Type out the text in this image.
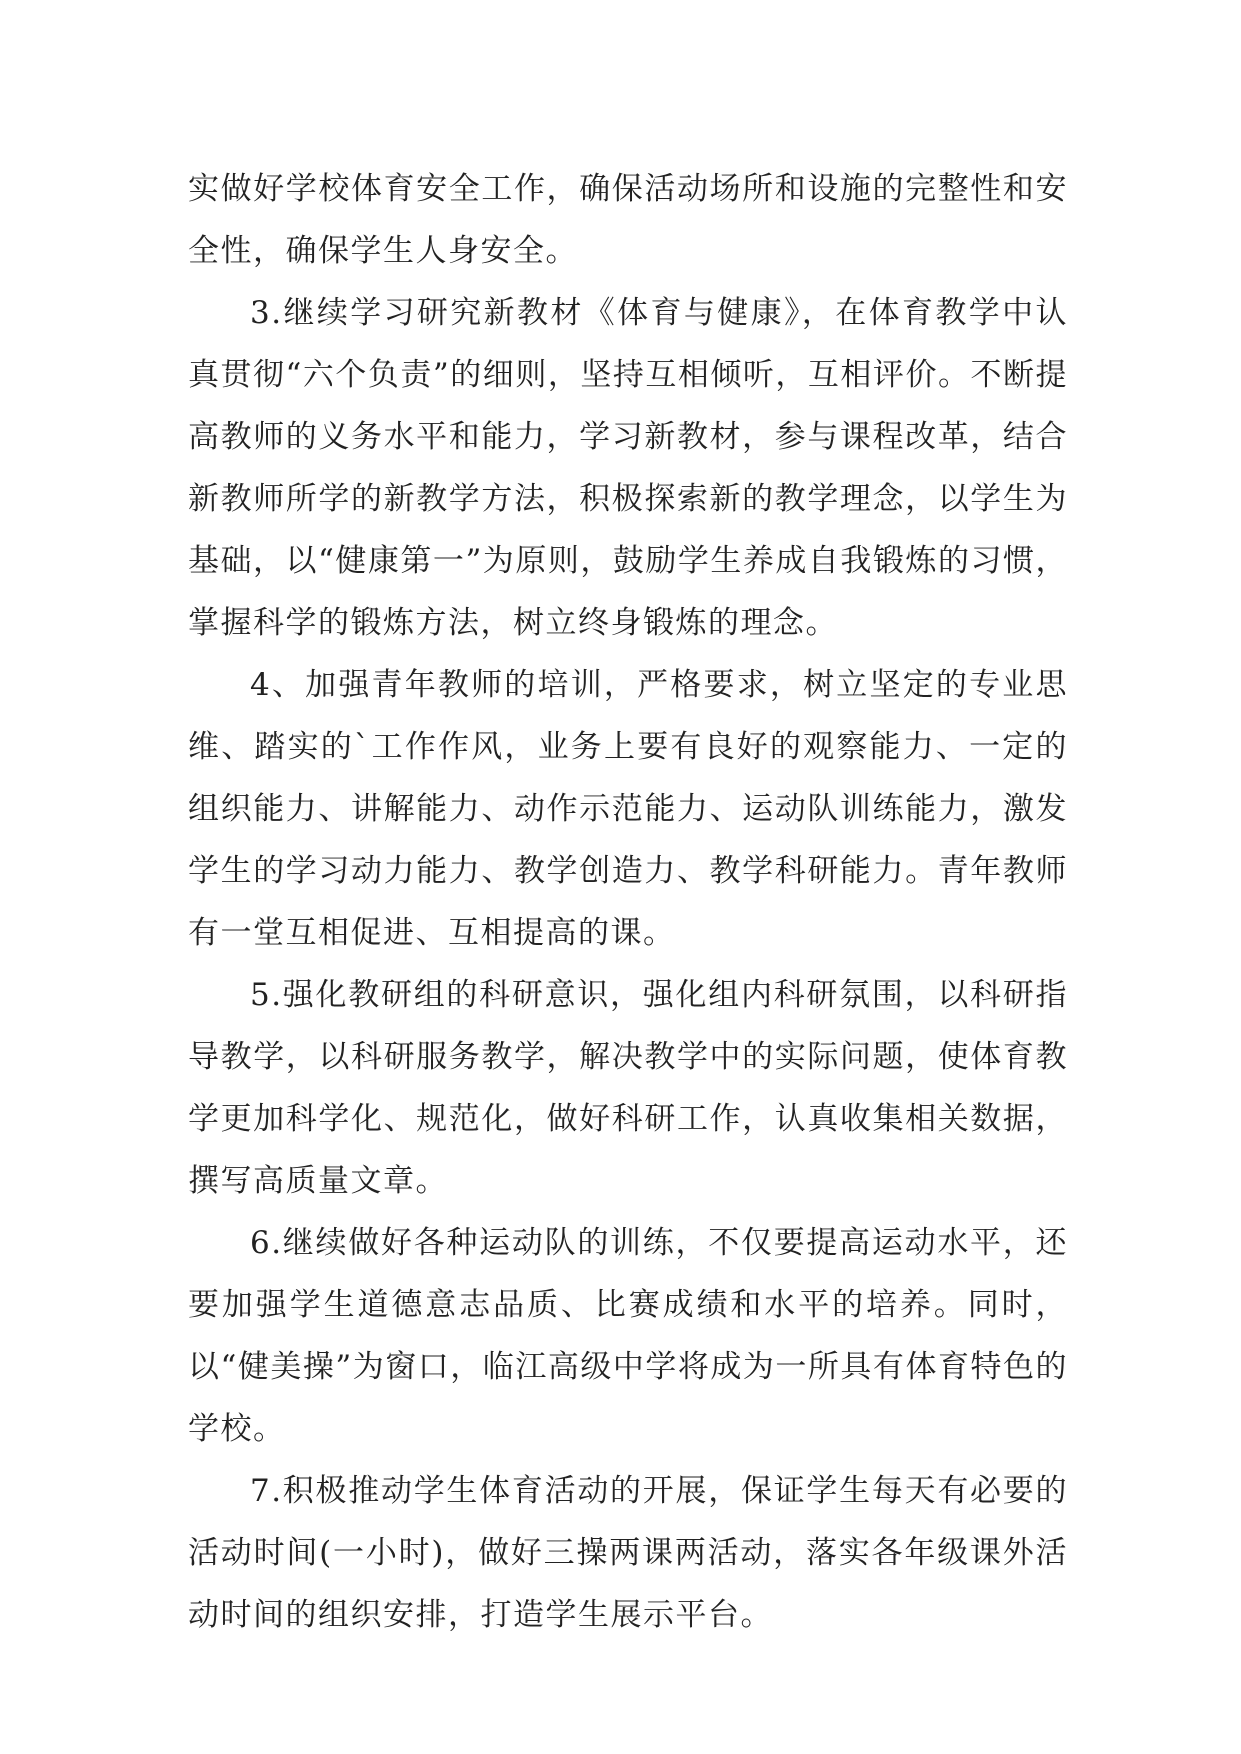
实做好学校体育安全工作，确保活动场所和设施的完整性和安全性，确保学生人身安全。

3.继续学习研究新教材《体育与健康》，在体育教学中认真贯彻“六个负责”的细则，坚持互相倾听，互相评价。不断提高教师的义务水平和能力，学习新教材，参与课程改革，结合新教师所学的新教学方法，积极探索新的教学理念，以学生为基础，以“健康第一”为原则，鼓励学生养成自我锻炼的习惯，掌握科学的锻炼方法，树立终身锻炼的理念。

4、加强青年教师的培训，严格要求，树立坚定的专业思维、踏实的`工作作风，业务上要有良好的观察能力、一定的组织能力、讲解能力、动作示范能力、运动队训练能力，激发学生的学习动力能力、教学创造力、教学科研能力。青年教师有一堂互相促进、互相提高的课。

5.强化教研组的科研意识，强化组内科研氛围，以科研指导教学，以科研服务教学，解决教学中的实际问题，使体育教学更加科学化、规范化，做好科研工作，认真收集相关数据，撰写高质量文章。

6.继续做好各种运动队的训练，不仅要提高运动水平，还要加强学生道德意志品质、比赛成绩和水平的培养。同时，以“健美操”为窗口，临江高级中学将成为一所具有体育特色的学校。

7.积极推动学生体育活动的开展，保证学生每天有必要的活动时间(一小时)，做好三操两课两活动，落实各年级课外活动时间的组织安排，打造学生展示平台。
